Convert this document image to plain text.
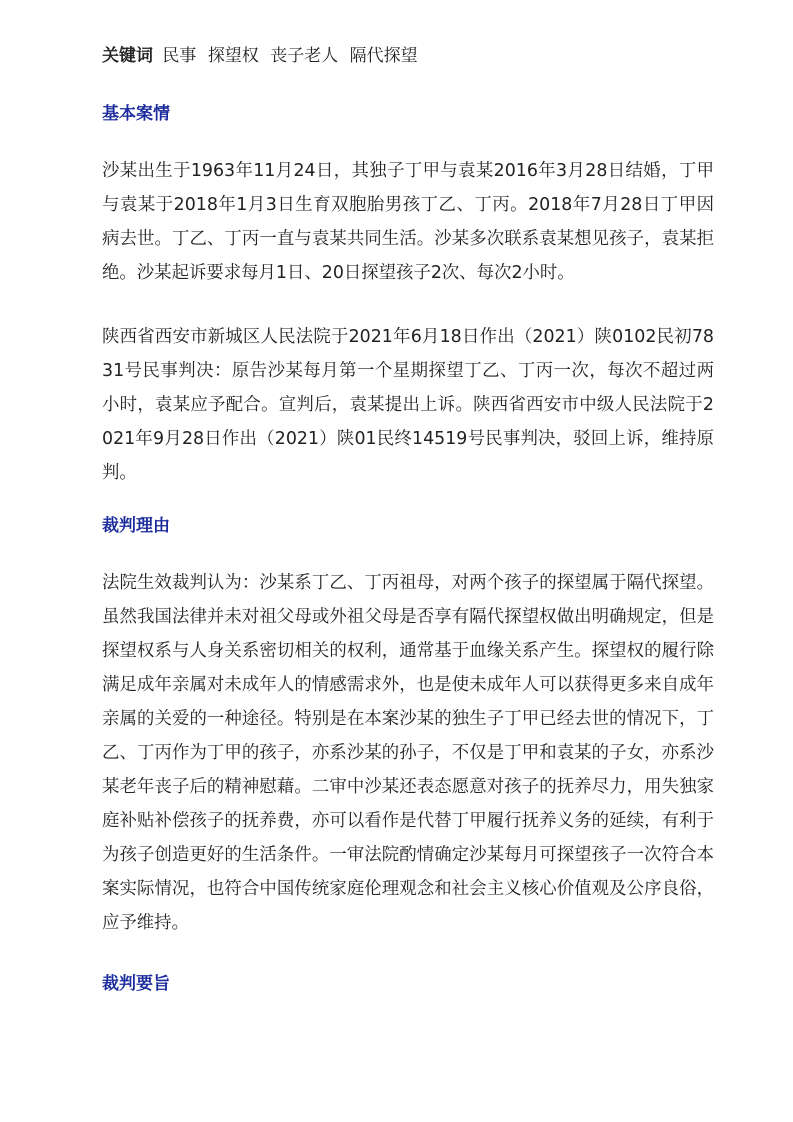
关键词 民事 探望权 丧子老人 隔代探望
基本案情

沙某出生于1963年11月24日，其独子丁甲与袁某2016年3月28日结婚，丁甲与袁某于2018年1月3日生育双胞胎男孩丁乙、丁丙。2018年7月28日丁甲因病去世。丁乙、丁丙一直与袁某共同生活。沙某多次联系袁某想见孩子，袁某拒绝。沙某起诉要求每月1日、20日探望孩子2次、每次2小时。

陕西省西安市新城区人民法院于2021年6月18日作出（2021）陕0102民初7831号民事判决：原告沙某每月第一个星期探望丁乙、丁丙一次，每次不超过两小时，袁某应予配合。宣判后，袁某提出上诉。陕西省西安市中级人民法院于2021年9月28日作出（2021）陕01民终14519号民事判决，驳回上诉，维持原判。

裁判理由

法院生效裁判认为：沙某系丁乙、丁丙祖母，对两个孩子的探望属于隔代探望。虽然我国法律并未对祖父母或外祖父母是否享有隔代探望权做出明确规定，但是探望权系与人身关系密切相关的权利，通常基于血缘关系产生。探望权的履行除满足成年亲属对未成年人的情感需求外，也是使未成年人可以获得更多来自成年亲属的关爱的一种途径。特别是在本案沙某的独生子丁甲已经去世的情况下，丁乙、丁丙作为丁甲的孩子，亦系沙某的孙子，不仅是丁甲和袁某的子女，亦系沙某老年丧子后的精神慰藉。二审中沙某还表态愿意对孩子的抚养尽力，用失独家庭补贴补偿孩子的抚养费，亦可以看作是代替丁甲履行抚养义务的延续，有利于为孩子创造更好的生活条件。一审法院酌情确定沙某每月可探望孩子一次符合本案实际情况，也符合中国传统家庭伦理观念和社会主义核心价值观及公序良俗，应予维持。

裁判要旨
